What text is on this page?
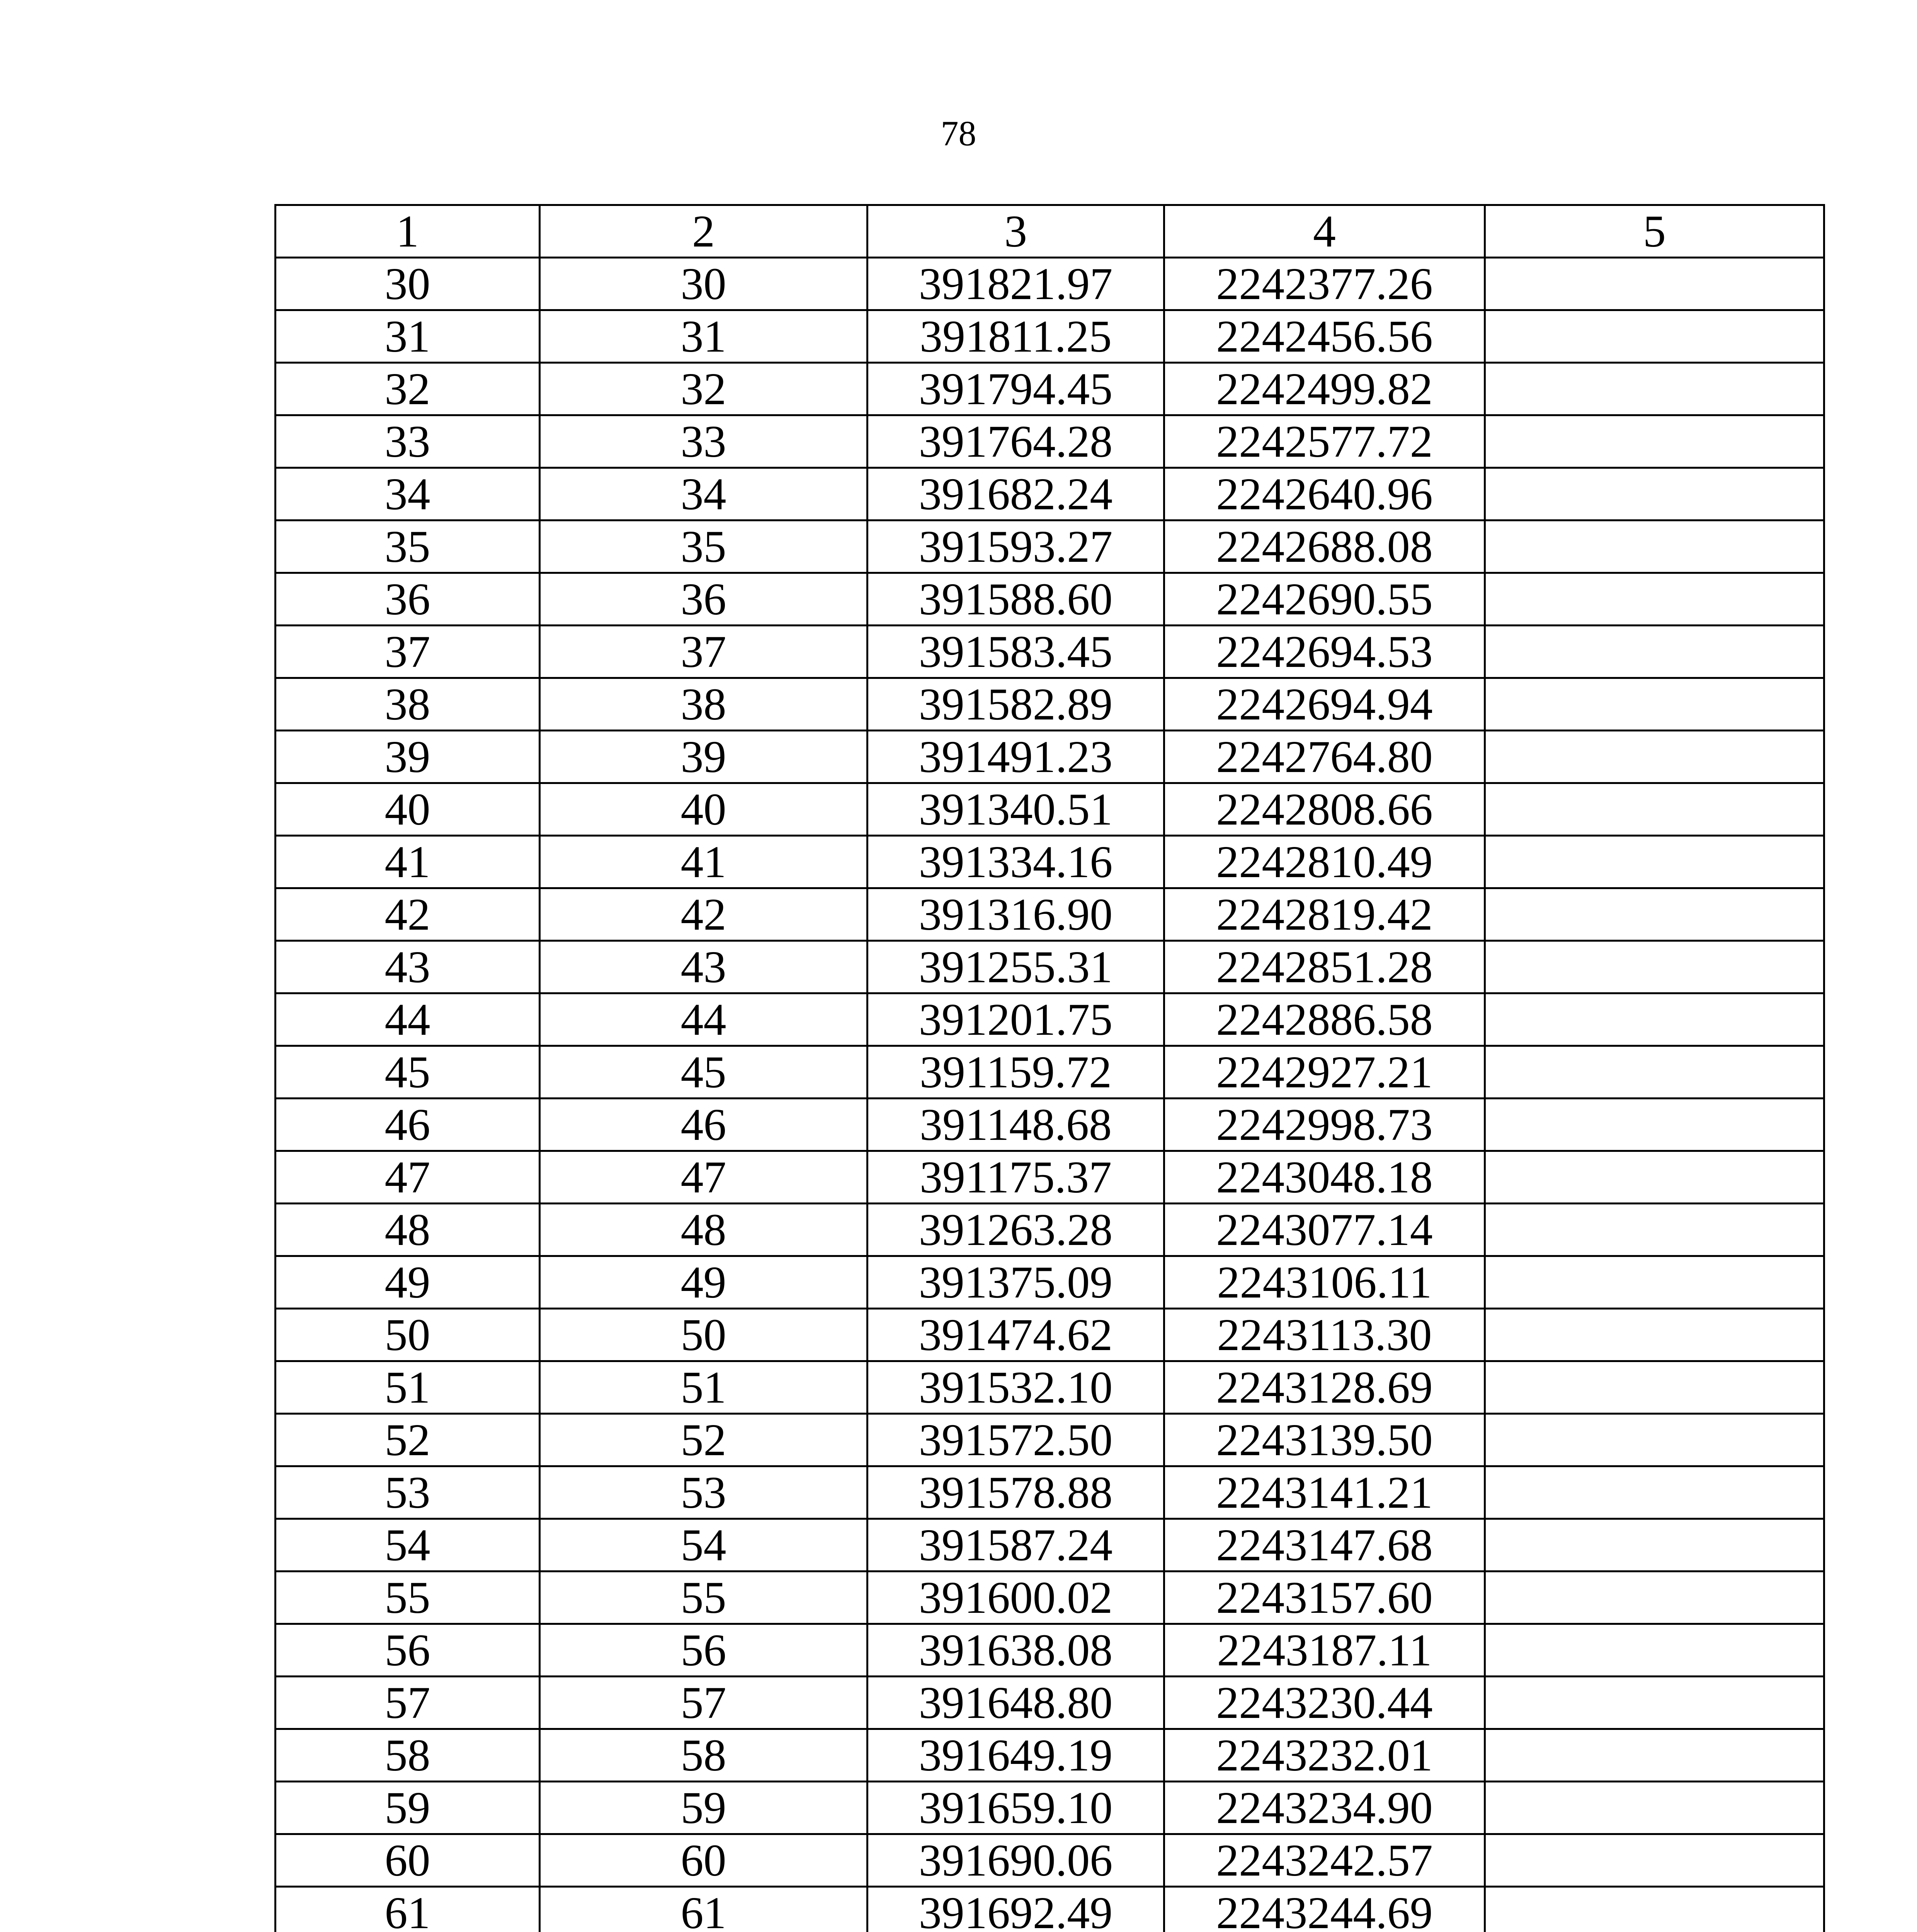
78
1	2	3	4	5
30	30	391821.97	2242377.26	
31	31	391811.25	2242456.56	
32	32	391794.45	2242499.82	
33	33	391764.28	2242577.72	
34	34	391682.24	2242640.96	
35	35	391593.27	2242688.08	
36	36	391588.60	2242690.55	
37	37	391583.45	2242694.53	
38	38	391582.89	2242694.94	
39	39	391491.23	2242764.80	
40	40	391340.51	2242808.66	
41	41	391334.16	2242810.49	
42	42	391316.90	2242819.42	
43	43	391255.31	2242851.28	
44	44	391201.75	2242886.58	
45	45	391159.72	2242927.21	
46	46	391148.68	2242998.73	
47	47	391175.37	2243048.18	
48	48	391263.28	2243077.14	
49	49	391375.09	2243106.11	
50	50	391474.62	2243113.30	
51	51	391532.10	2243128.69	
52	52	391572.50	2243139.50	
53	53	391578.88	2243141.21	
54	54	391587.24	2243147.68	
55	55	391600.02	2243157.60	
56	56	391638.08	2243187.11	
57	57	391648.80	2243230.44	
58	58	391649.19	2243232.01	
59	59	391659.10	2243234.90	
60	60	391690.06	2243242.57	
61	61	391692.49	2243244.69	
